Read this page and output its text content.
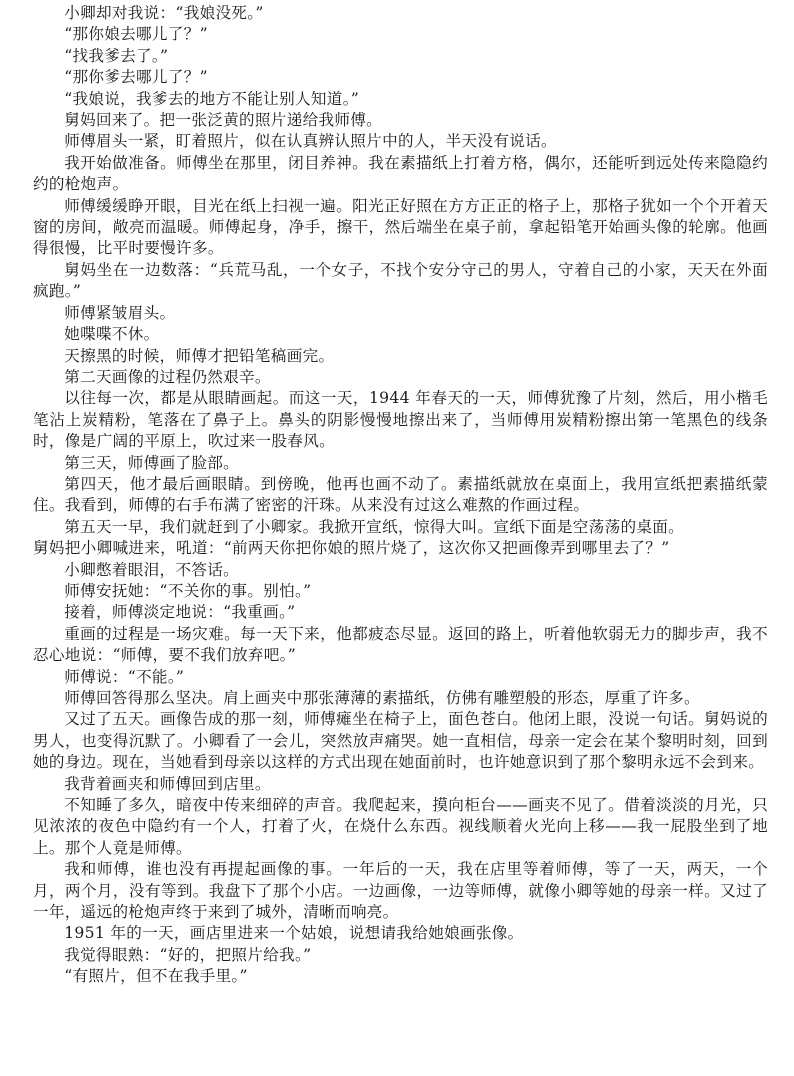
小卿却对我说：“我娘没死。”

“那你娘去哪儿了？”

“找我爹去了。”

“那你爹去哪儿了？”

“我娘说，我爹去的地方不能让别人知道。”

舅妈回来了。把一张泛黄的照片递给我师傅。

师傅眉头一紧，盯着照片，似在认真辨认照片中的人，半天没有说话。

我开始做准备。师傅坐在那里，闭目养神。我在素描纸上打着方格，偶尔，还能听到远处传来隐隐约约的枪炮声。

师傅缓缓睁开眼，目光在纸上扫视一遍。阳光正好照在方方正正的格子上，那格子犹如一个个开着天窗的房间，敞亮而温暖。师傅起身，净手，擦干，然后端坐在桌子前，拿起铅笔开始画头像的轮廓。他画得很慢，比平时要慢许多。

舅妈坐在一边数落：“兵荒马乱，一个女子，不找个安分守己的男人，守着自己的小家，天天在外面疯跑。”

师傅紧皱眉头。

她喋喋不休。

天擦黑的时候，师傅才把铅笔稿画完。

第二天画像的过程仍然艰辛。

以往每一次，都是从眼睛画起。而这一天，1944 年春天的一天，师傅犹豫了片刻，然后，用小楷毛笔沾上炭精粉，笔落在了鼻子上。鼻头的阴影慢慢地擦出来了，当师傅用炭精粉擦出第一笔黑色的线条时，像是广阔的平原上，吹过来一股春风。

第三天，师傅画了脸部。

第四天，他才最后画眼睛。到傍晚，他再也画不动了。素描纸就放在桌面上，我用宣纸把素描纸蒙住。我看到，师傅的右手布满了密密的汗珠。从来没有过这么难熬的作画过程。

第五天一早，我们就赶到了小卿家。我掀开宣纸，惊得大叫。宣纸下面是空荡荡的桌面。

舅妈把小卿喊进来，吼道：“前两天你把你娘的照片烧了，这次你又把画像弄到哪里去了？”

小卿憋着眼泪，不答话。

师傅安抚她：“不关你的事。别怕。”

接着，师傅淡定地说：“我重画。”

重画的过程是一场灾难。每一天下来，他都疲态尽显。返回的路上，听着他软弱无力的脚步声，我不忍心地说：“师傅，要不我们放弃吧。”

师傅说：“不能。”

师傅回答得那么坚决。肩上画夹中那张薄薄的素描纸，仿佛有雕塑般的形态，厚重了许多。

又过了五天。画像告成的那一刻，师傅瘫坐在椅子上，面色苍白。他闭上眼，没说一句话。舅妈说的男人，也变得沉默了。小卿看了一会儿，突然放声痛哭。她一直相信，母亲一定会在某个黎明时刻，回到她的身边。现在，当她看到母亲以这样的方式出现在她面前时，也许她意识到了那个黎明永远不会到来。

我背着画夹和师傅回到店里。

不知睡了多久，暗夜中传来细碎的声音。我爬起来，摸向柜台——画夹不见了。借着淡淡的月光，只见浓浓的夜色中隐约有一个人，打着了火，在烧什么东西。视线顺着火光向上移——我一屁股坐到了地上。那个人竟是师傅。

我和师傅，谁也没有再提起画像的事。一年后的一天，我在店里等着师傅，等了一天，两天，一个月，两个月，没有等到。我盘下了那个小店。一边画像，一边等师傅，就像小卿等她的母亲一样。又过了一年，遥远的枪炮声终于来到了城外，清晰而响亮。

1951 年的一天，画店里进来一个姑娘，说想请我给她娘画张像。

我觉得眼熟：“好的，把照片给我。”

“有照片，但不在我手里。”
